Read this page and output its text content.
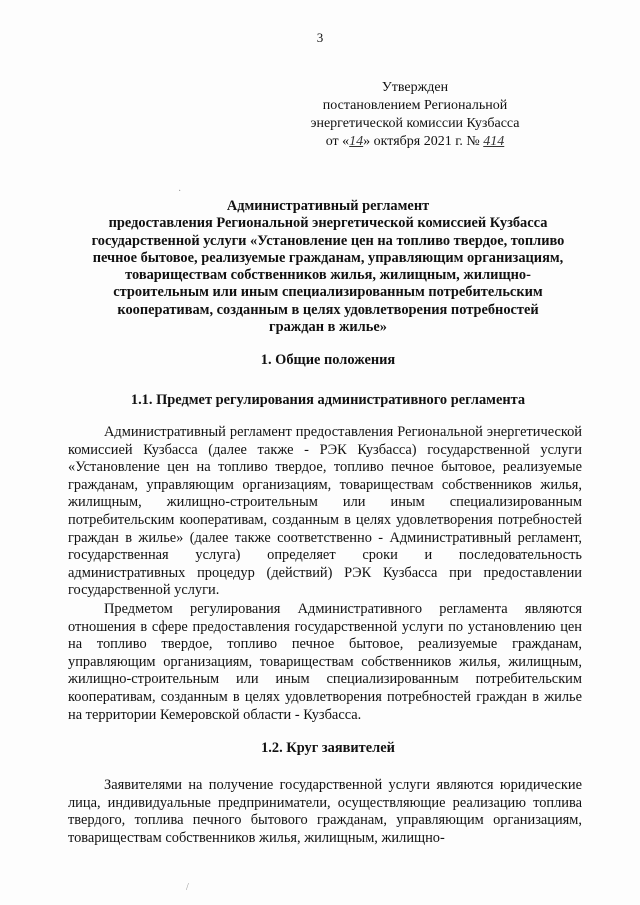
3
Утвержден
постановлением Региональной
энергетической комиссии Кузбасса
от «14» октября 2021 г. № 414
·
Административный регламент
предоставления Региональной энергетической комиссией Кузбасса
государственной услуги «Установление цен на топливо твердое, топливо
печное бытовое, реализуемые гражданам, управляющим организациям,
товариществам собственников жилья, жилищным, жилищно-
строительным или иным специализированным потребительским
кооперативам, созданным в целях удовлетворения потребностей
граждан в жилье»
1. Общие положения
1.1. Предмет регулирования административного регламента

Административный регламент предоставления Региональной энергетической комиссией Кузбасса (далее также - РЭК Кузбасса) государственной услуги «Установление цен на топливо твердое, топливо печное бытовое, реализуемые гражданам, управляющим организациям, товариществам собственников жилья, жилищным, жилищно-строительным или иным специализированным потребительским кооперативам, созданным в целях удовлетворения потребностей граждан в жилье» (далее также соответственно - Административный регламент, государственная услуга) определяет сроки и последовательность административных процедур (действий) РЭК Кузбасса при предоставлении государственной услуги.

Предметом регулирования Административного регламента являются отношения в сфере предоставления государственной услуги по установлению цен на топливо твердое, топливо печное бытовое, реализуемые гражданам, управляющим организациям, товариществам собственников жилья, жилищным, жилищно-строительным или иным специализированным потребительским кооперативам, созданным в целях удовлетворения потребностей граждан в жилье на территории Кемеровской области - Кузбасса.

1.2. Круг заявителей

Заявителями на получение государственной услуги являются юридические лица, индивидуальные предприниматели, осуществляющие реализацию топлива твердого, топлива печного бытового гражданам, управляющим организациям, товариществам собственников жилья, жилищным, жилищно-

/
